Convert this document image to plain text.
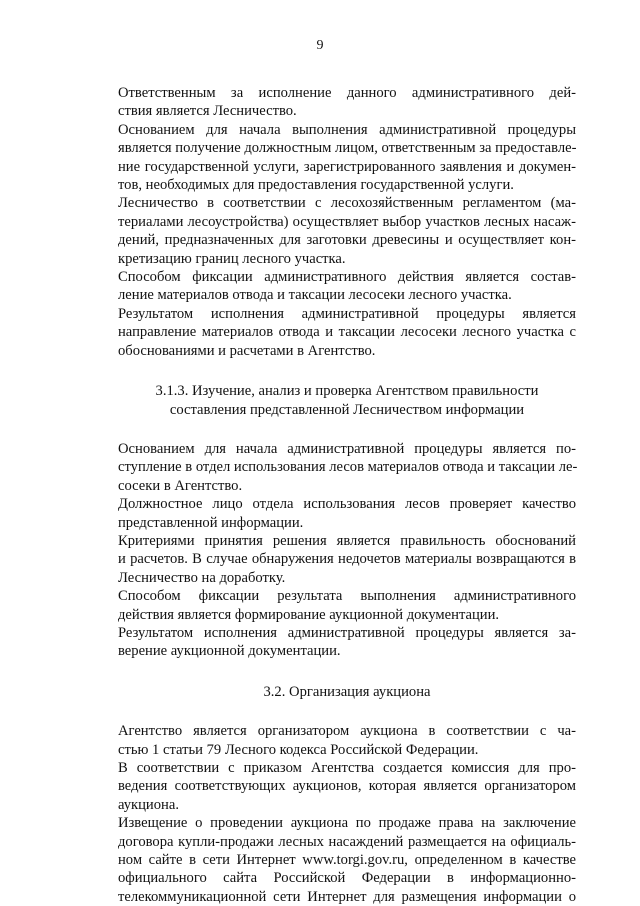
9
Ответственным за исполнение данного административного дей-
ствия является Лесничество.
Основанием для начала выполнения административной процедуры
является получение должностным лицом, ответственным за предоставле-
ние государственной услуги, зарегистрированного заявления и докумен-
тов, необходимых для предоставления государственной услуги.
Лесничество в соответствии с лесохозяйственным регламентом (ма-
териалами лесоустройства) осуществляет выбор участков лесных насаж-
дений, предназначенных для заготовки древесины и осуществляет кон-
кретизацию границ лесного участка.
Способом фиксации административного действия является состав-
ление материалов отвода и таксации лесосеки лесного участка.
Результатом исполнения административной процедуры является
направление материалов отвода и таксации лесосеки лесного участка с
обоснованиями и расчетами в Агентство.
3.1.3. Изучение, анализ и проверка Агентством правильности
составления представленной Лесничеством информации
Основанием для начала административной процедуры является по-
ступление в отдел использования лесов материалов отвода и таксации ле-
сосеки в Агентство.
Должностное лицо отдела использования лесов проверяет качество
представленной информации.
Критериями принятия решения является правильность обоснований
и расчетов. В случае обнаружения недочетов материалы возвращаются в
Лесничество на доработку.
Способом фиксации результата выполнения административного
действия является формирование аукционной документации.
Результатом исполнения административной процедуры является за-
верение аукционной документации.
3.2. Организация аукциона
Агентство является организатором аукциона в соответствии с ча-
стью 1 статьи 79 Лесного кодекса Российской Федерации.
В соответствии с приказом Агентства создается комиссия для про-
ведения соответствующих аукционов, которая является организатором
аукциона.
Извещение о проведении аукциона по продаже права на заключение
договора купли-продажи лесных насаждений размещается на официаль-
ном сайте в сети Интернет www.torgi.gov.ru, определенном в качестве
официального сайта Российской Федерации в информационно-
телекоммуникационной сети Интернет для размещения информации о
